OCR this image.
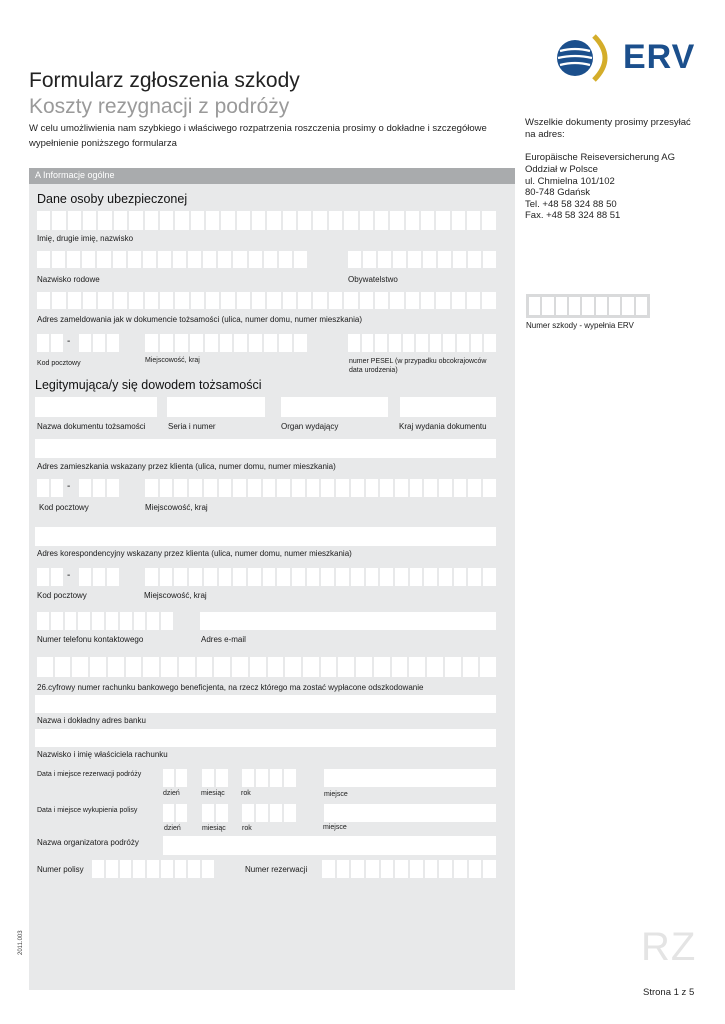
ERV
Formularz zgłoszenia szkody
Koszty rezygnacji z podróży
W celu umożliwienia nam szybkiego i właściwego rozpatrzenia roszczenia prosimy o dokładne i szczegółowe wypełnienie poniższego formularza
Wszelkie dokumenty prosimy przesyłać na adres:
Europäische Reiseversicherung AG
Oddział w Polsce
ul. Chmielna 101/102
80-748 Gdańsk
Tel. +48 58 324 88 50
Fax. +48 58 324 88 51
Numer szkody - wypełnia ERV
A Informacje ogólne
Dane osoby ubezpieczonej
Imię, drugie imię, nazwisko
Nazwisko rodowe	Obywatelstwo
Adres zameldowania jak w dokumencie tożsamości (ulica, numer domu, numer mieszkania)
-
Kod pocztowy	Miejscowość, kraj	numer PESEL (w przypadku obcokrajowców data urodzenia)
Legitymująca/y się dowodem tożsamości
Nazwa dokumentu tożsamości	Seria i numer	Organ wydający	Kraj wydania dokumentu
Adres zamieszkania wskazany przez klienta (ulica, numer domu, numer mieszkania)
-
Kod pocztowy	Miejscowość, kraj
Adres korespondencyjny wskazany przez klienta (ulica, numer domu, numer mieszkania)
-
Kod pocztowy	Miejscowość, kraj
Numer telefonu kontaktowego	Adres e-mail
26.cyfrowy numer rachunku bankowego beneficjenta, na rzecz którego ma zostać wypłacone odszkodowanie
Nazwa i dokładny adres banku
Nazwisko i imię właściciela rachunku
Data i miejsce rezerwacji podróży
dzień	miesiąc rok	miejsce
Data i miejsce wykupienia polisy
dzień	miesiąc rok	miejsce
Nazwa organizatora podróży
Numer polisy	Numer rezerwacji
RZ
Strona 1 z 5
2011.003
